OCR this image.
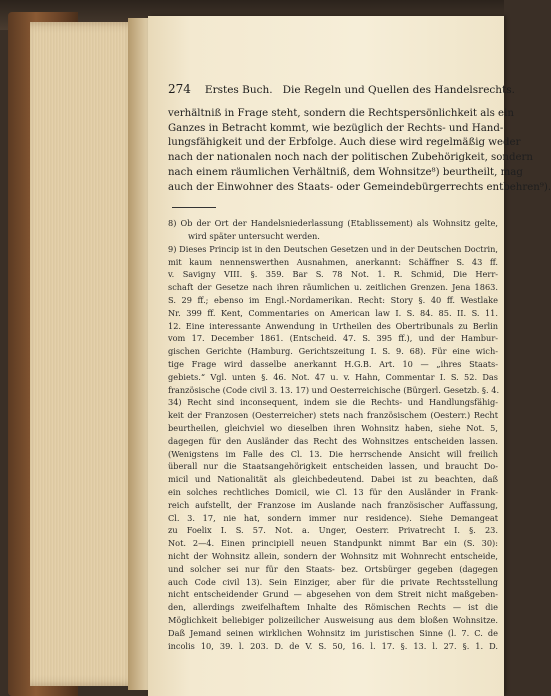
274 Erstes Buch. Die Regeln und Quellen des Handelsrechts.
verhältniß in Frage steht, sondern die Rechtspersönlichkeit als ein
Ganzes in Betracht kommt, wie bezüglich der Rechts- und Hand-
lungsfähigkeit und der Erbfolge. Auch diese wird regelmäßig weder
nach der nationalen noch nach der politischen Zubehörigkeit, sondern
nach einem räumlichen Verhältniß, dem Wohnsitze⁸) beurtheilt, mag
auch der Einwohner des Staats- oder Gemeindebürgerrechts entbehren⁹).
8) Ob der Ort der Handelsniederlassung (Etablissement) als Wohnsitz gelte,
wird später untersucht werden.
9) Dieses Princip ist in den Deutschen Gesetzen und in der Deutschen Doctrin,
mit kaum nennenswerthen Ausnahmen, anerkannt: Schäffner S. 43 ff.
v. Savigny VIII. §. 359. Bar S. 78 Not. 1. R. Schmid, Die Herr-
schaft der Gesetze nach ihren räumlichen u. zeitlichen Grenzen. Jena 1863.
S. 29 ff.; ebenso im Engl.-Nordamerikan. Recht: Story §. 40 ff. Westlake
Nr. 399 ff. Kent, Commentaries on American law I. S. 84. 85. II. S. 11.
12. Eine interessante Anwendung in Urtheilen des Obertribunals zu Berlin
vom 17. December 1861. (Entscheid. 47. S. 395 ff.), und der Hambur-
gischen Gerichte (Hamburg. Gerichtszeitung I. S. 9. 68). Für eine wich-
tige Frage wird dasselbe anerkannt H.G.B. Art. 10 — „ihres Staats-
gebiets.“ Vgl. unten §. 46. Not. 47 u. v. Hahn, Commentar I. S. 52. Das
französische (Code civil 3. 13. 17) und Oesterreichische (Bürgerl. Gesetzb. §. 4.
34) Recht sind inconsequent, indem sie die Rechts- und Handlungsfähig-
keit der Franzosen (Oesterreicher) stets nach französischem (Oesterr.) Recht
beurtheilen, gleichviel wo dieselben ihren Wohnsitz haben, siehe Not. 5,
dagegen für den Ausländer das Recht des Wohnsitzes entscheiden lassen.
(Wenigstens im Falle des Cl. 13. Die herrschende Ansicht will freilich
überall nur die Staatsangehörigkeit entscheiden lassen, und braucht Do-
micil und Nationalität als gleichbedeutend. Dabei ist zu beachten, daß
ein solches rechtliches Domicil, wie Cl. 13 für den Ausländer in Frank-
reich aufstellt, der Franzose im Auslande nach französischer Auffassung,
Cl. 3. 17, nie hat, sondern immer nur residence). Siehe Demangeat
zu Foelix I. S. 57. Not. a. Unger, Oesterr. Privatrecht I. §. 23.
Not. 2—4. Einen principiell neuen Standpunkt nimmt Bar ein (S. 30):
nicht der Wohnsitz allein, sondern der Wohnsitz mit Wohnrecht entscheide,
und solcher sei nur für den Staats- bez. Ortsbürger gegeben (dagegen
auch Code civil 13). Sein Einziger, aber für die private Rechtsstellung
nicht entscheidender Grund — abgesehen von dem Streit nicht maßgeben-
den, allerdings zweifelhaftem Inhalte des Römischen Rechts — ist die
Möglichkeit beliebiger polizeilicher Ausweisung aus dem bloßen Wohnsitze.
Daß Jemand seinen wirklichen Wohnsitz im juristischen Sinne (l. 7. C. de
incolis 10, 39. l. 203. D. de V. S. 50, 16. l. 17. §. 13. l. 27. §. 1. D.
